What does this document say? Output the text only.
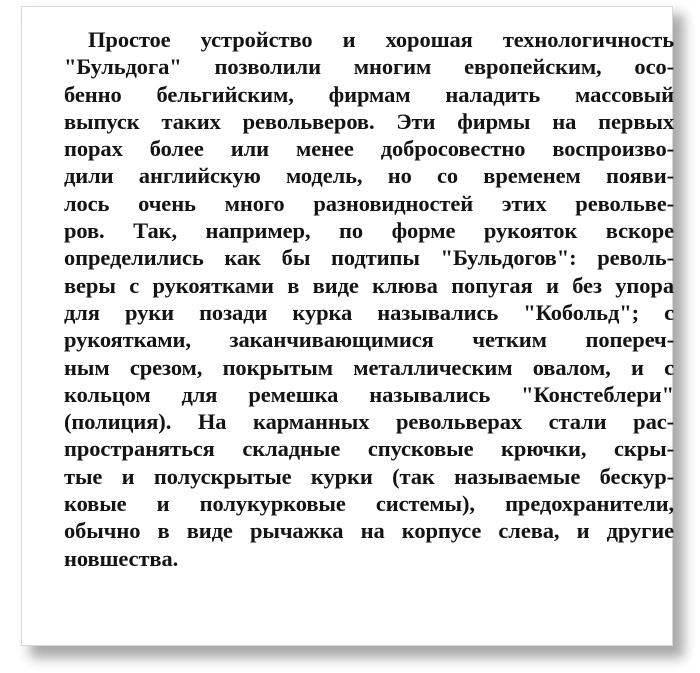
Простое устройство и хорошая технологичность
"Бульдога" позволили многим европейским, осо-
бенно бельгийским, фирмам наладить массовый
выпуск таких револьверов. Эти фирмы на первых
порах более или менее добросовестно воспроизво-
дили английскую модель, но со временем появи-
лось очень много разновидностей этих револьве-
ров. Так, например, по форме рукояток вскоре
определились как бы подтипы "Бульдогов": револь-
веры с рукоятками в виде клюва попугая и без упора
для руки позади курка назывались "Кобольд"; с
рукоятками, заканчивающимися четким попереч-
ным срезом, покрытым металлическим овалом, и с
кольцом для ремешка назывались "Констеблери"
(полиция). На карманных револьверах стали рас-
пространяться складные спусковые крючки, скры-
тые и полускрытые курки (так называемые бескур-
ковые и полукурковые системы), предохранители,
обычно в виде рычажка на корпусе слева, и другие
новшества.
